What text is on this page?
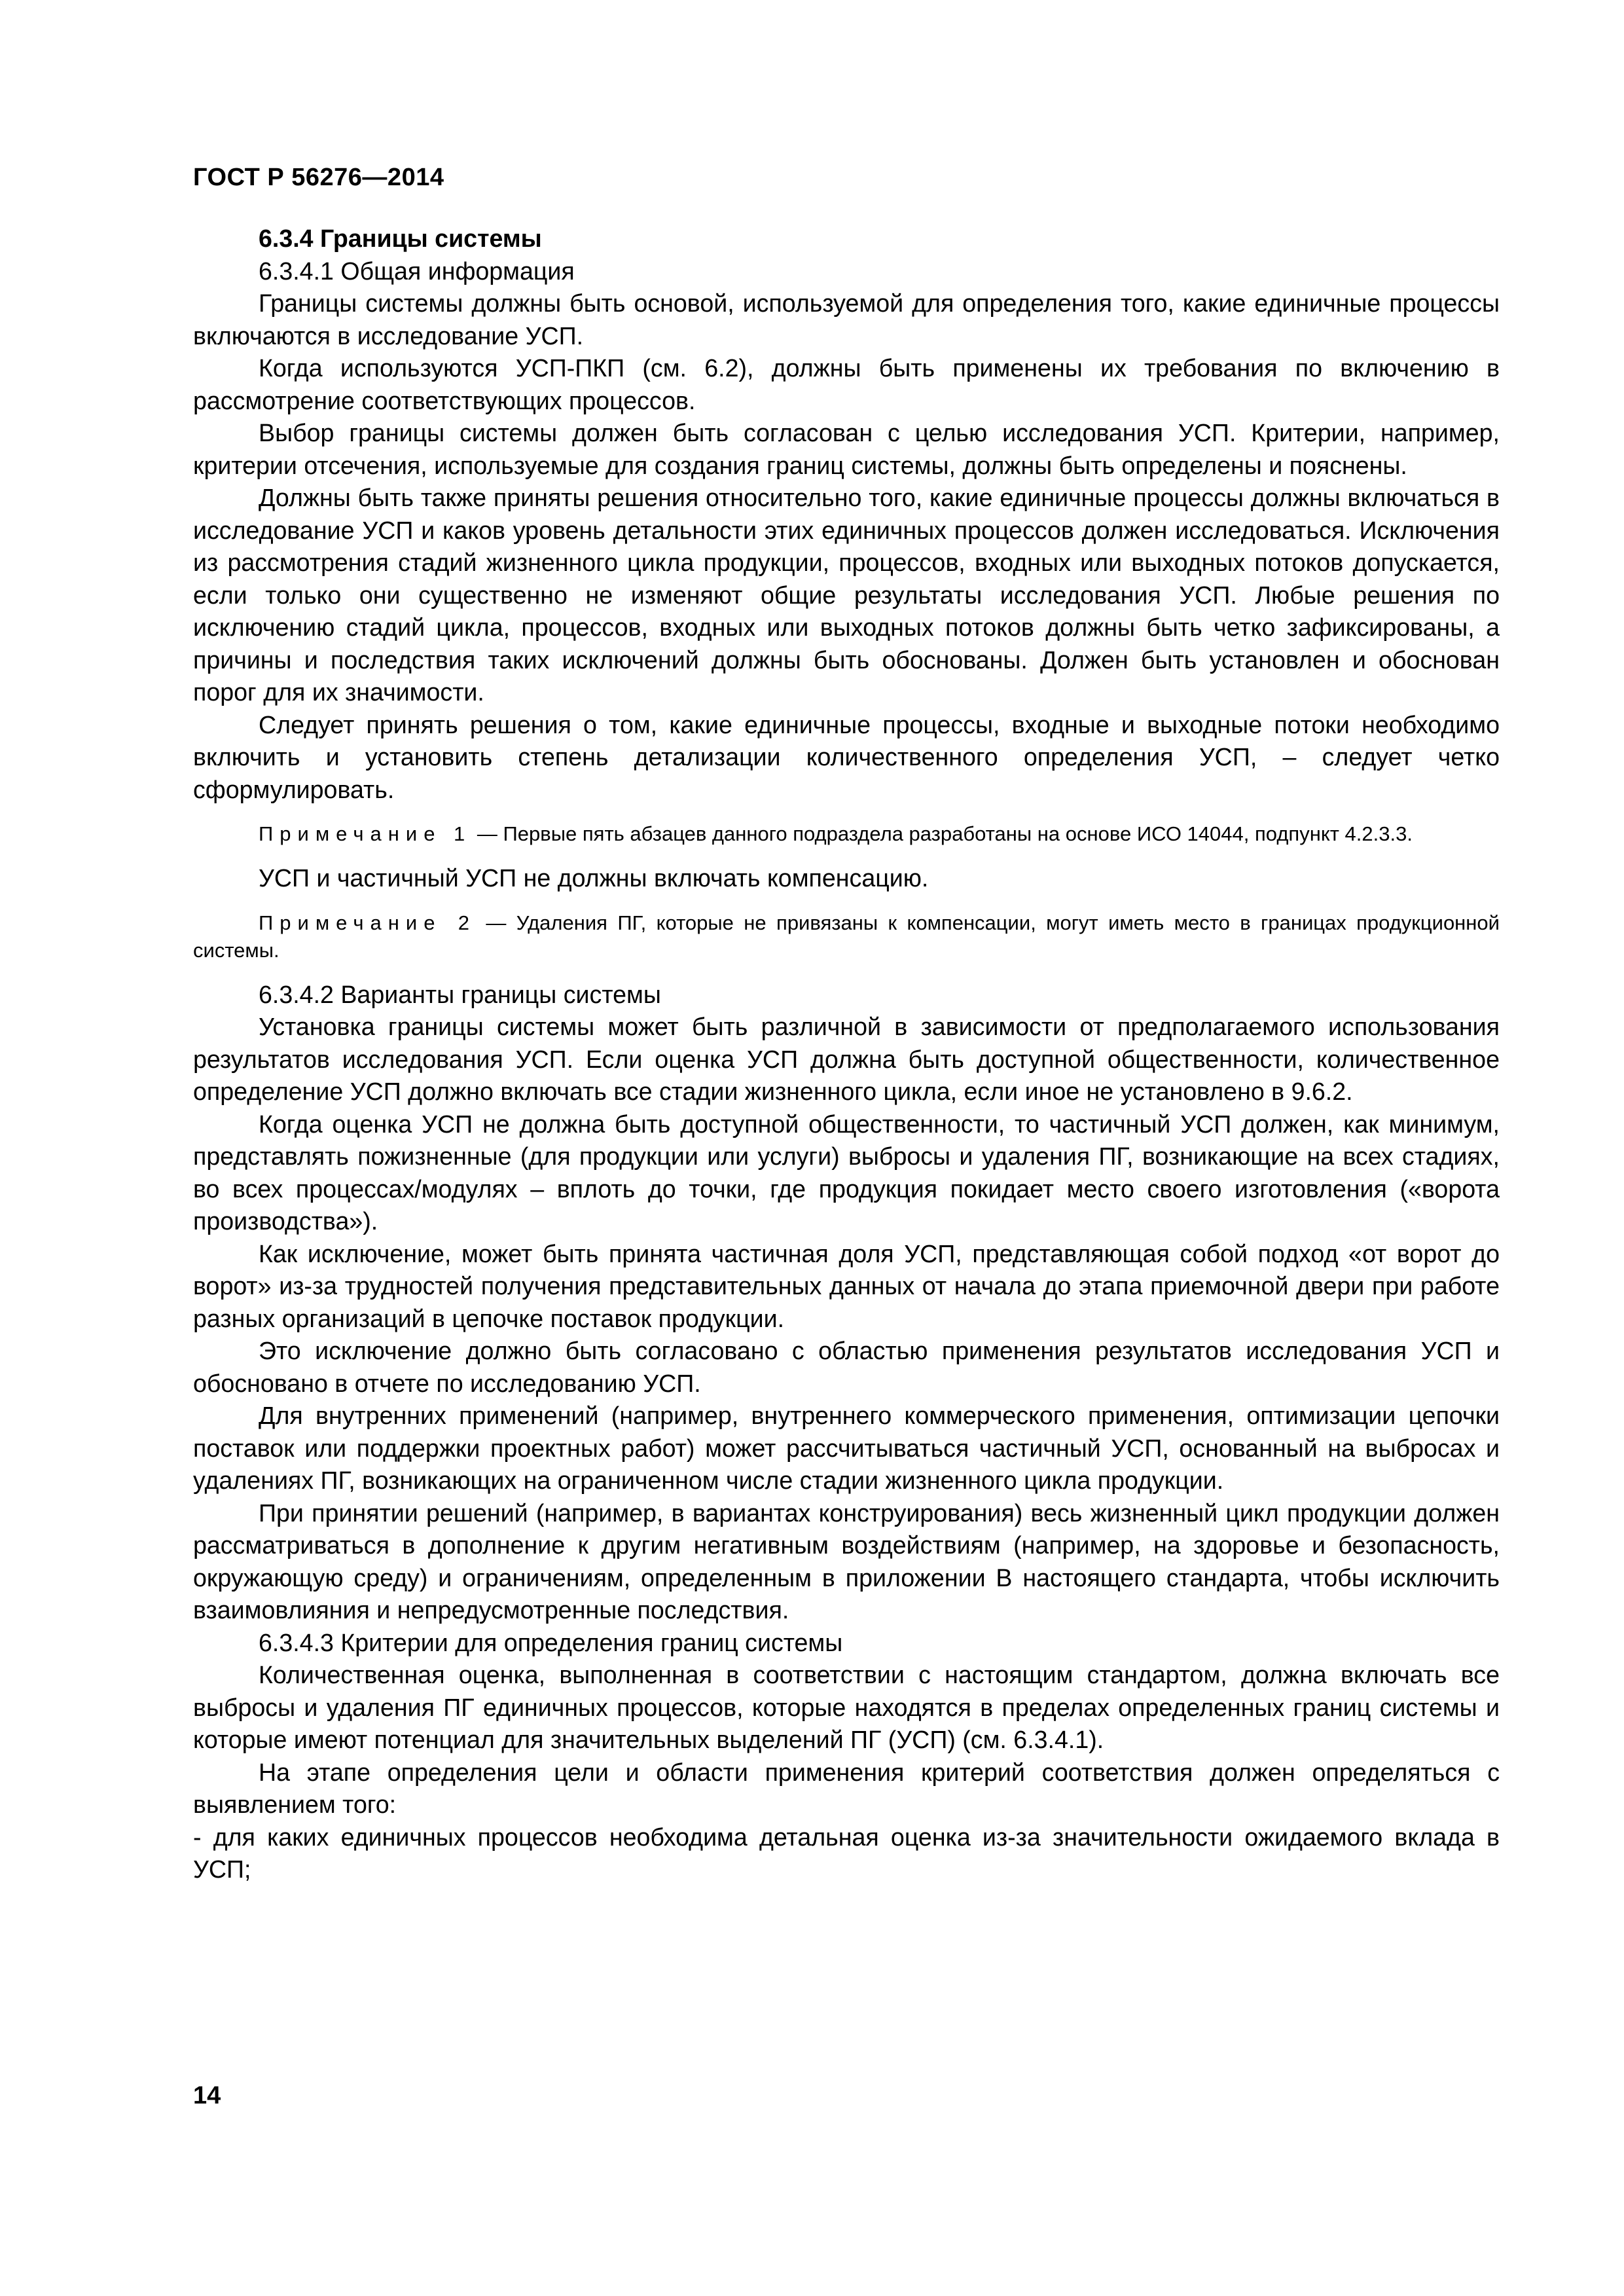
ГОСТ Р 56276—2014

6.3.4 Границы системы

6.3.4.1 Общая информация

Границы системы должны быть основой, используемой для определения того, какие единичные процессы включаются в исследование УСП.

Когда используются УСП-ПКП (см. 6.2), должны быть применены их требования по включению в рассмотрение соответствующих процессов.

Выбор границы системы должен быть согласован с целью исследования УСП. Критерии, например, критерии отсечения, используемые для создания границ системы, должны быть определены и пояснены.

Должны быть также приняты решения относительно того, какие единичные процессы должны включаться в исследование УСП и каков уровень детальности этих единичных процессов должен исследоваться. Исключения из рассмотрения стадий жизненного цикла продукции, процессов, входных или выходных потоков допускается, если только они существенно не изменяют общие результаты исследования УСП. Любые решения по исключению стадий цикла, процессов, входных или выходных потоков должны быть четко зафиксированы, а причины и последствия таких исключений должны быть обоснованы. Должен быть установлен и обоснован порог для их значимости.

Следует принять решения о том, какие единичные процессы, входные и выходные потоки необходимо включить и установить степень детализации количественного определения УСП, – следует четко сформулировать.

Примечание 1 — Первые пять абзацев данного подраздела разработаны на основе ИСО 14044, подпункт 4.2.3.3.

УСП и частичный УСП не должны включать компенсацию.

Примечание 2 — Удаления ПГ, которые не привязаны к компенсации, могут иметь место в границах продукционной системы.

6.3.4.2 Варианты границы системы

Установка границы системы может быть различной в зависимости от предполагаемого использования результатов исследования УСП. Если оценка УСП должна быть доступной общественности, количественное определение УСП должно включать все стадии жизненного цикла, если иное не установлено в 9.6.2.

Когда оценка УСП не должна быть доступной общественности, то частичный УСП должен, как минимум, представлять пожизненные (для продукции или услуги) выбросы и удаления ПГ, возникающие на всех стадиях, во всех процессах/модулях – вплоть до точки, где продукция покидает место своего изготовления («ворота производства»).

Как исключение, может быть принята частичная доля УСП, представляющая собой подход «от ворот до ворот» из-за трудностей получения представительных данных от начала до этапа приемочной двери при работе разных организаций в цепочке поставок продукции.

Это исключение должно быть согласовано с областью применения результатов исследования УСП и обосновано в отчете по исследованию УСП.

Для внутренних применений (например, внутреннего коммерческого применения, оптимизации цепочки поставок или поддержки проектных работ) может рассчитываться частичный УСП, основанный на выбросах и удалениях ПГ, возникающих на ограниченном числе стадии жизненного цикла продукции.

При принятии решений (например, в вариантах конструирования) весь жизненный цикл продукции должен рассматриваться в дополнение к другим негативным воздействиям (например, на здоровье и безопасность, окружающую среду) и ограничениям, определенным в приложении В настоящего стандарта, чтобы исключить взаимовлияния и непредусмотренные последствия.

6.3.4.3 Критерии для определения границ системы

Количественная оценка, выполненная в соответствии с настоящим стандартом, должна включать все выбросы и удаления ПГ единичных процессов, которые находятся в пределах определенных границ системы и которые имеют потенциал для значительных выделений ПГ (УСП) (см. 6.3.4.1).

На этапе определения цели и области применения критерий соответствия должен определяться с выявлением того:

- для каких единичных процессов необходима детальная оценка из-за значительности ожидаемого вклада в УСП;

14
